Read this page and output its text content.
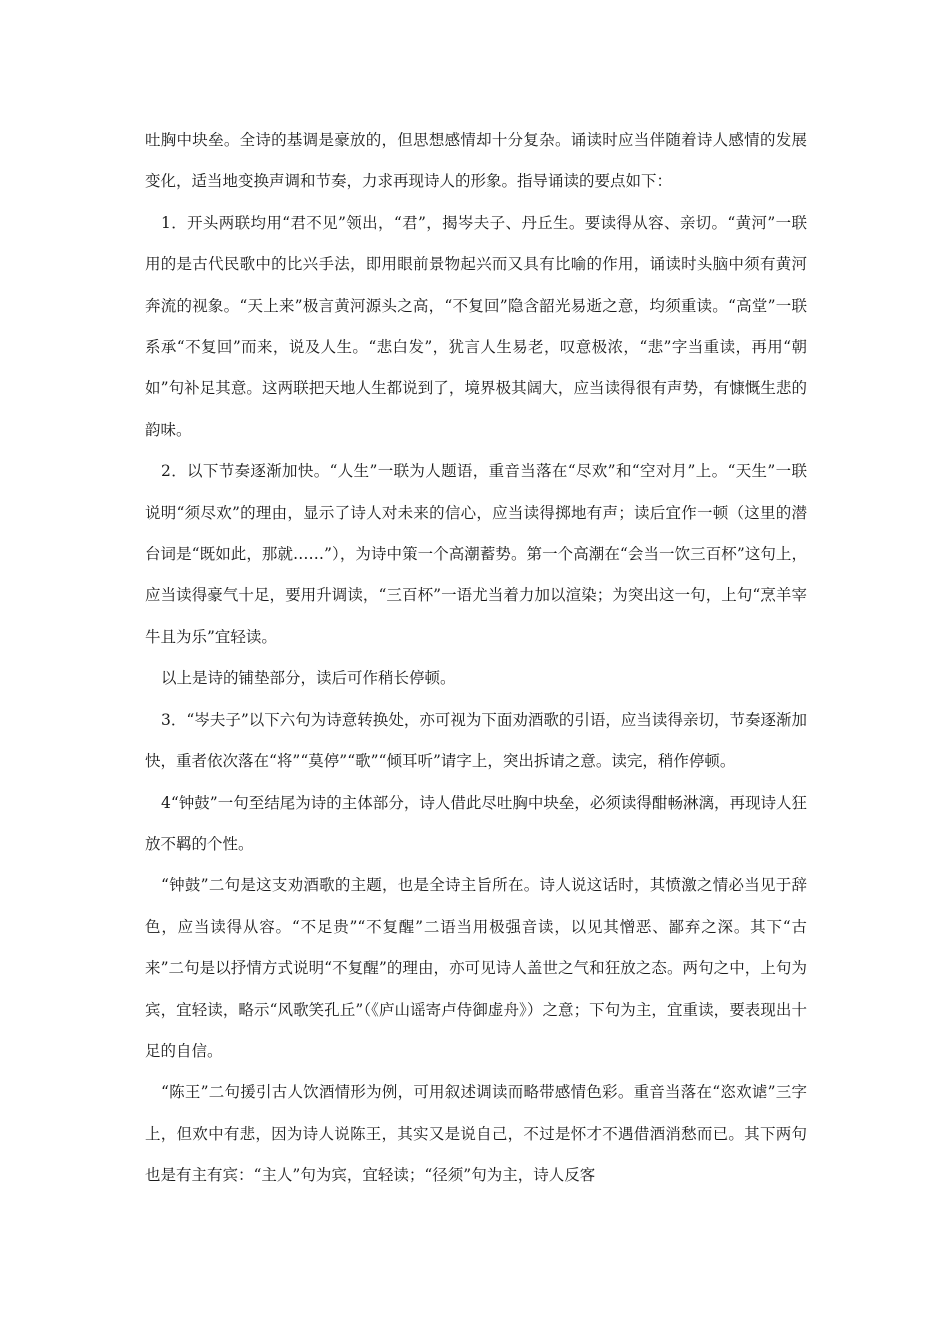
吐胸中块垒。全诗的基调是豪放的，但思想感情却十分复杂。诵读时应当伴随着诗人感情的发展变化，适当地变换声调和节奏，力求再现诗人的形象。指导诵读的要点如下：

1．开头两联均用“君不见”领出，“君”，揭岑夫子、丹丘生。要读得从容、亲切。“黄河”一联用的是古代民歌中的比兴手法，即用眼前景物起兴而又具有比喻的作用，诵读时头脑中须有黄河奔流的视象。“天上来”极言黄河源头之高，“不复回”隐含韶光易逝之意，均须重读。“高堂”一联系承“不复回”而来，说及人生。“悲白发”，犹言人生易老，叹意极浓，“悲”字当重读，再用“朝如”句补足其意。这两联把天地人生都说到了，境界极其阔大，应当读得很有声势，有慷慨生悲的韵味。

2．以下节奏逐渐加快。“人生”一联为人题语，重音当落在“尽欢”和“空对月”上。“天生”一联说明“须尽欢”的理由，显示了诗人对未来的信心，应当读得掷地有声；读后宜作一顿（这里的潜台词是“既如此，那就……”），为诗中策一个高潮蓄势。第一个高潮在“会当一饮三百杯”这句上，应当读得豪气十足，要用升调读，“三百杯”一语尤当着力加以渲染；为突出这一句，上句“烹羊宰牛且为乐”宜轻读。

以上是诗的铺垫部分，读后可作稍长停顿。

3．“岑夫子”以下六句为诗意转换处，亦可视为下面劝酒歌的引语，应当读得亲切，节奏逐渐加快，重者依次落在“将”“莫停”“歌”“倾耳听”请字上，突出拆请之意。读完，稍作停顿。

4“钟鼓”一句至结尾为诗的主体部分，诗人借此尽吐胸中块垒，必须读得酣畅淋漓，再现诗人狂放不羁的个性。

“钟鼓”二句是这支劝酒歌的主题，也是全诗主旨所在。诗人说这话时，其愤激之情必当见于辞色，应当读得从容。“不足贵”“不复醒”二语当用极强音读，以见其憎恶、鄙弃之深。其下“古来”二句是以抒情方式说明“不复醒”的理由，亦可见诗人盖世之气和狂放之态。两句之中，上句为宾，宜轻读，略示“风歌笑孔丘”（《庐山谣寄卢侍御虚舟》）之意；下句为主，宜重读，要表现出十足的自信。

“陈王”二句援引古人饮酒情形为例，可用叙述调读而略带感情色彩。重音当落在“恣欢谑”三字上，但欢中有悲，因为诗人说陈王，其实又是说自己，不过是怀才不遇借酒消愁而已。其下两句也是有主有宾：“主人”句为宾，宜轻读；“径须”句为主，诗人反客
